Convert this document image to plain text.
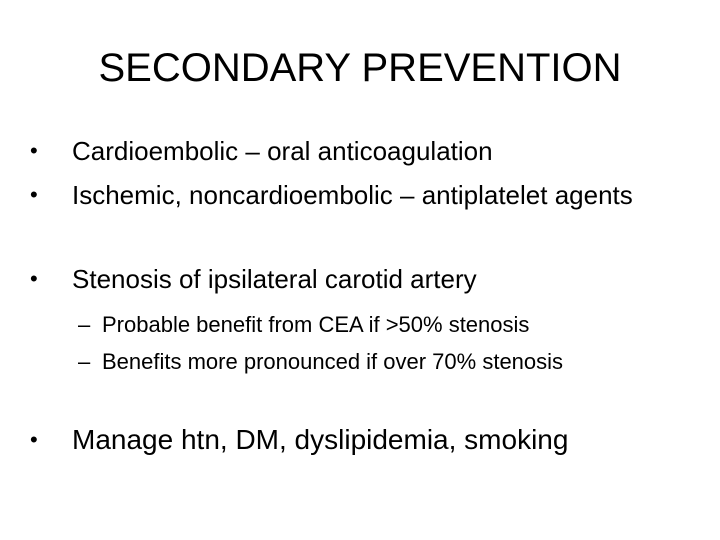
SECONDARY PREVENTION
•	Cardioembolic – oral anticoagulation
•	Ischemic, noncardioembolic – antiplatelet agents
•	Stenosis of ipsilateral carotid artery
– Probable benefit from CEA if >50% stenosis
– Benefits more pronounced if over 70% stenosis
•	Manage htn, DM, dyslipidemia, smoking
